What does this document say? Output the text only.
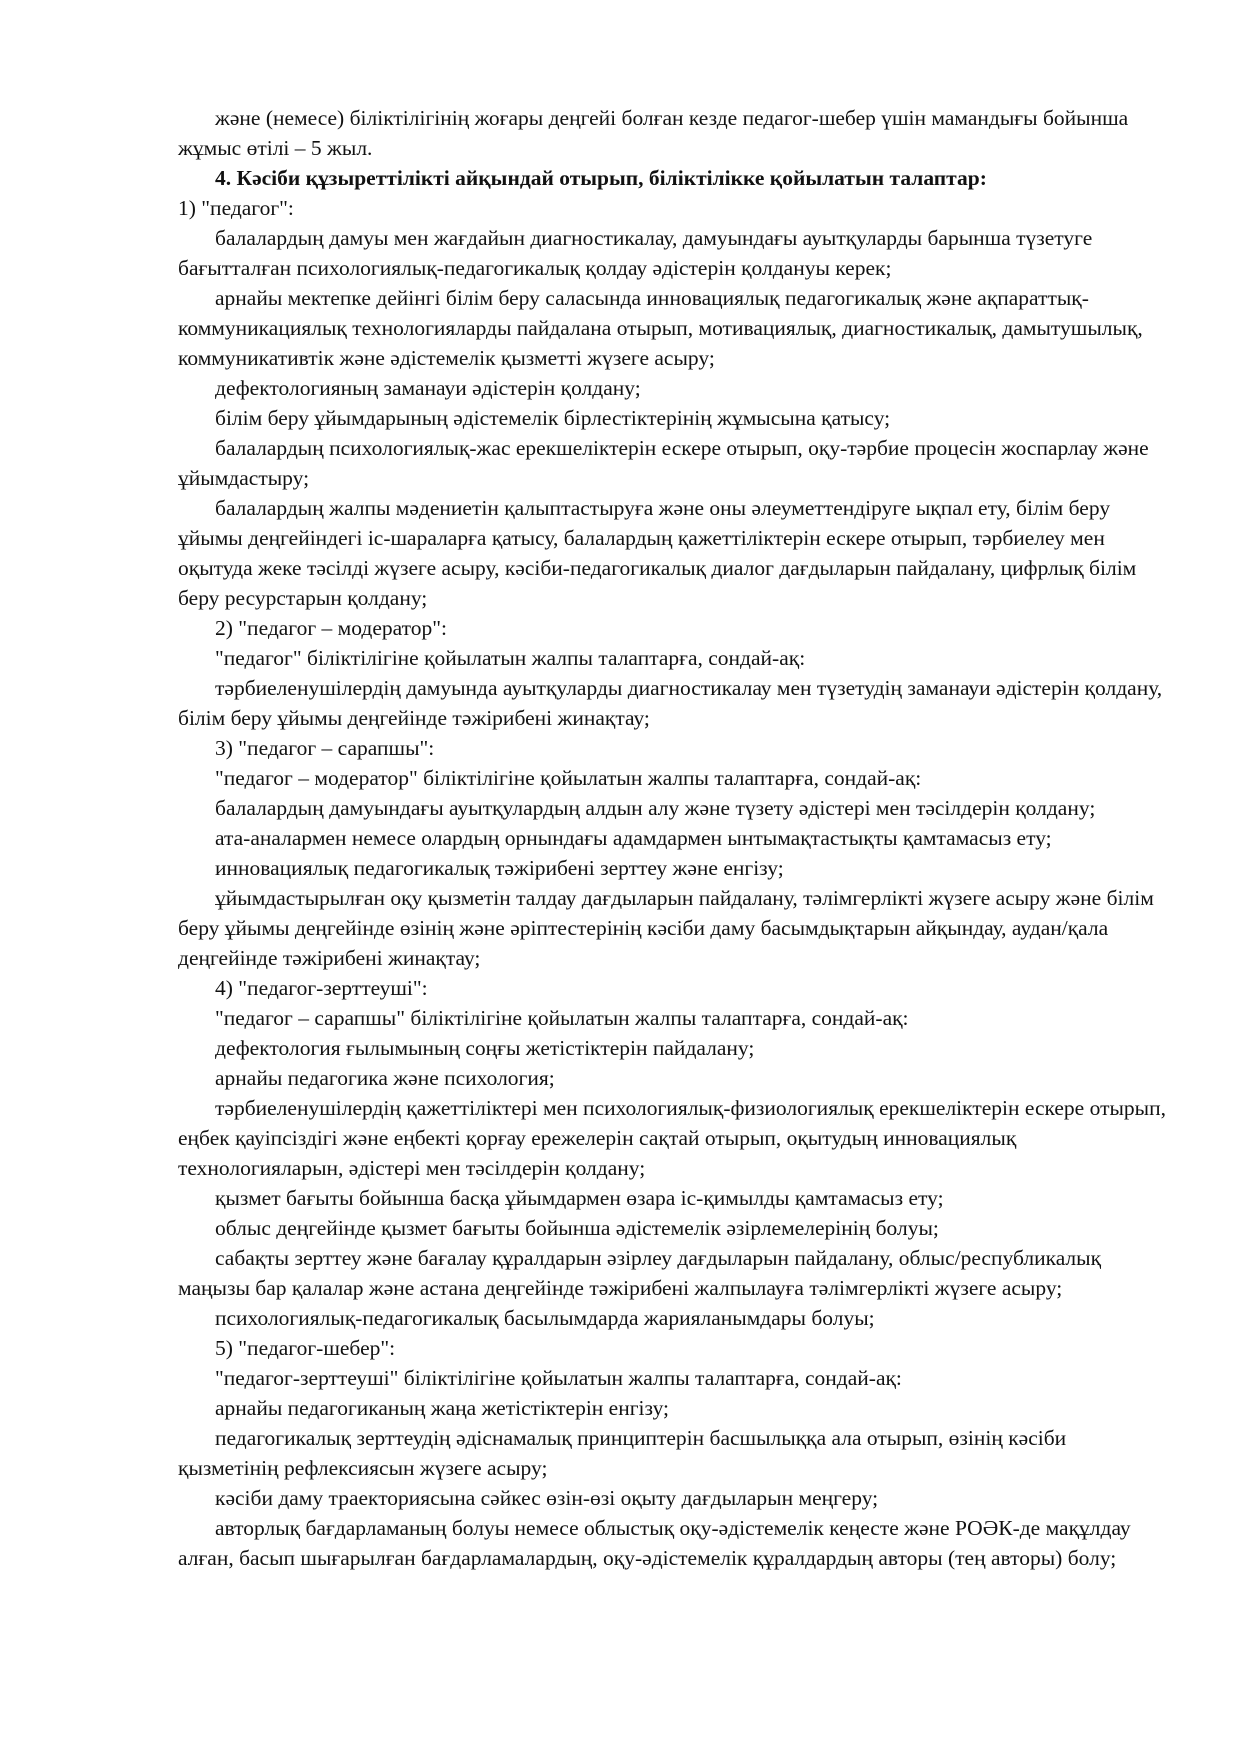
және (немесе) біліктілігінің жоғары деңгейі болған кезде педагог-шебер үшін мамандығы бойынша жұмыс өтілі – 5 жыл.

4. Кәсіби құзыреттілікті айқындай отырып, біліктілікке қойылатын талаптар:

1) "педагог":

балалардың дамуы мен жағдайын диагностикалау, дамуындағы ауытқуларды барынша түзетуге бағытталған психологиялық-педагогикалық қолдау әдістерін қолдануы керек;

арнайы мектепке дейінгі білім беру саласында инновациялық педагогикалық және ақпараттық-коммуникациялық технологияларды пайдалана отырып, мотивациялық, диагностикалық, дамытушылық, коммуникативтік және әдістемелік қызметті жүзеге асыру;

дефектологияның заманауи әдістерін қолдану;

білім беру ұйымдарының әдістемелік бірлестіктерінің жұмысына қатысу;

балалардың психологиялық-жас ерекшеліктерін ескере отырып, оқу-тәрбие процесін жоспарлау және ұйымдастыру;

балалардың жалпы мәдениетін қалыптастыруға және оны әлеуметтендіруге ықпал ету, білім беру ұйымы деңгейіндегі іс-шараларға қатысу, балалардың қажеттіліктерін ескере отырып, тәрбиелеу мен оқытуда жеке тәсілді жүзеге асыру, кәсіби-педагогикалық диалог дағдыларын пайдалану, цифрлық білім беру ресурстарын қолдану;

2) "педагог – модератор":

"педагог" біліктілігіне қойылатын жалпы талаптарға, сондай-ақ:

тәрбиеленушілердің дамуында ауытқуларды диагностикалау мен түзетудің заманауи әдістерін қолдану, білім беру ұйымы деңгейінде тәжірибені жинақтау;

3) "педагог – сарапшы":

"педагог – модератор" біліктілігіне қойылатын жалпы талаптарға, сондай-ақ:

балалардың дамуындағы ауытқулардың алдын алу және түзету әдістері мен тәсілдерін қолдану;

ата-аналармен немесе олардың орнындағы адамдармен ынтымақтастықты қамтамасыз ету;

инновациялық педагогикалық тәжірибені зерттеу және енгізу;

ұйымдастырылған оқу қызметін талдау дағдыларын пайдалану, тәлімгерлікті жүзеге асыру және білім беру ұйымы деңгейінде өзінің және әріптестерінің кәсіби даму басымдықтарын айқындау, аудан/қала деңгейінде тәжірибені жинақтау;

4) "педагог-зерттеуші":

"педагог – сарапшы" біліктілігіне қойылатын жалпы талаптарға, сондай-ақ:

дефектология ғылымының соңғы жетістіктерін пайдалану;

арнайы педагогика және психология;

тәрбиеленушілердің қажеттіліктері мен психологиялық-физиологиялық ерекшеліктерін ескере отырып, еңбек қауіпсіздігі және еңбекті қорғау ережелерін сақтай отырып, оқытудың инновациялық технологияларын, әдістері мен тәсілдерін қолдану;

қызмет бағыты бойынша басқа ұйымдармен өзара іс-қимылды қамтамасыз ету;

облыс деңгейінде қызмет бағыты бойынша әдістемелік әзірлемелерінің болуы;

сабақты зерттеу және бағалау құралдарын әзірлеу дағдыларын пайдалану, облыс/республикалық маңызы бар қалалар және астана деңгейінде тәжірибені жалпылауға тәлімгерлікті жүзеге асыру;

психологиялық-педагогикалық басылымдарда жарияланымдары болуы;

5) "педагог-шебер":

"педагог-зерттеуші" біліктілігіне қойылатын жалпы талаптарға, сондай-ақ:

арнайы педагогиканың жаңа жетістіктерін енгізу;

педагогикалық зерттеудің әдіснамалық принциптерін басшылыққа ала отырып, өзінің кәсіби қызметінің рефлексиясын жүзеге асыру;

кәсіби даму траекториясына сәйкес өзін-өзі оқыту дағдыларын меңгеру;

авторлық бағдарламаның болуы немесе облыстық оқу-әдістемелік кеңесте және РОӘК-де мақұлдау алған, басып шығарылған бағдарламалардың, оқу-әдістемелік құралдардың авторы (тең авторы) болу;
